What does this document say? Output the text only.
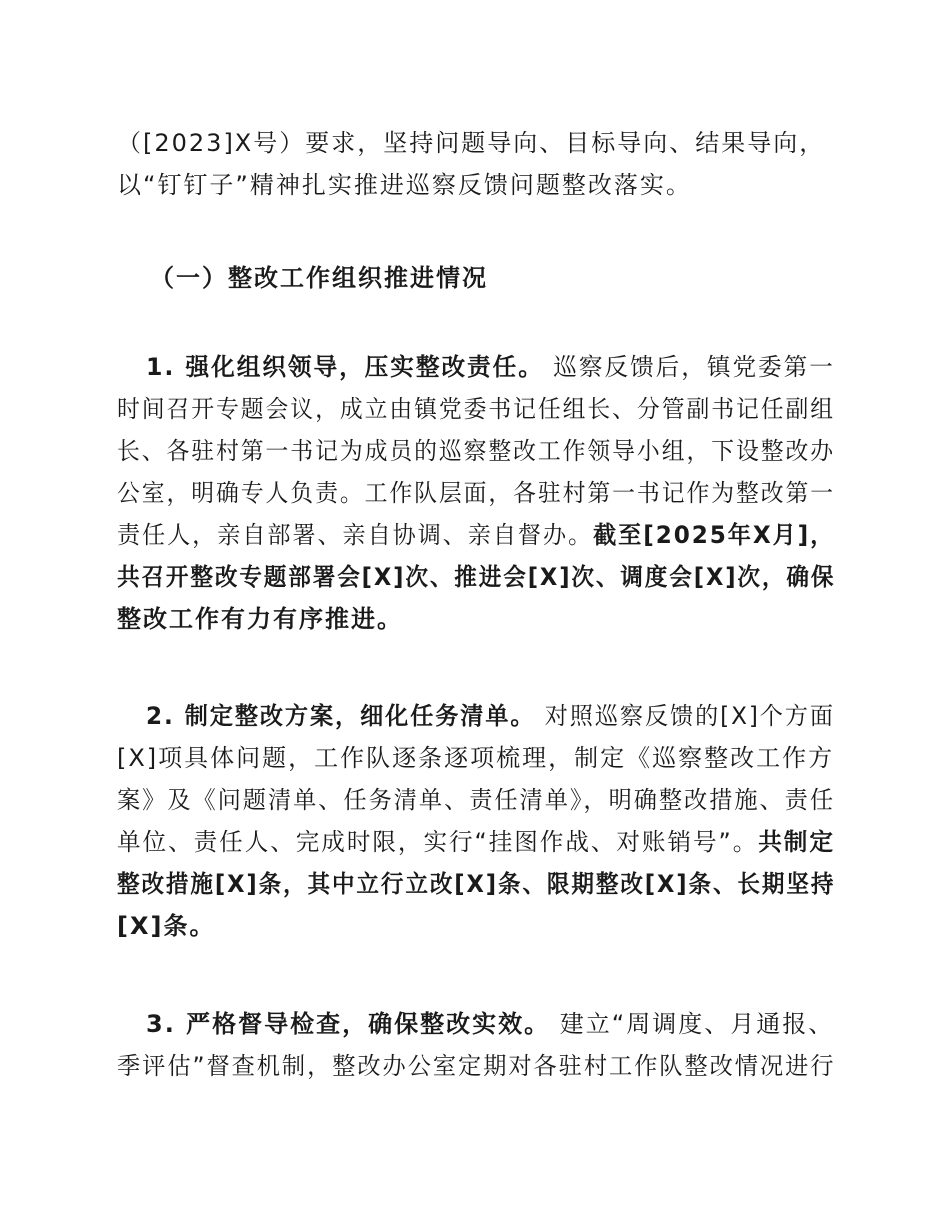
（[2023]X号）要求，坚持问题导向、目标导向、结果导向，
以“钉钉子”精神扎实推进巡察反馈问题整改落实。
（一）整改工作组织推进情况
1. 强化组织领导，压实整改责任。 巡察反馈后，镇党委第一
时间召开专题会议，成立由镇党委书记任组长、分管副书记任副组
长、各驻村第一书记为成员的巡察整改工作领导小组，下设整改办
公室，明确专人负责。工作队层面，各驻村第一书记作为整改第一
责任人，亲自部署、亲自协调、亲自督办。截至[2025年X月]，
共召开整改专题部署会[X]次、推进会[X]次、调度会[X]次，确保
整改工作有力有序推进。
2. 制定整改方案，细化任务清单。 对照巡察反馈的[X]个方面
[X]项具体问题，工作队逐条逐项梳理，制定《巡察整改工作方
案》及《问题清单、任务清单、责任清单》，明确整改措施、责任
单位、责任人、完成时限，实行“挂图作战、对账销号”。共制定
整改措施[X]条，其中立行立改[X]条、限期整改[X]条、长期坚持
[X]条。
3. 严格督导检查，确保整改实效。 建立“周调度、月通报、
季评估”督查机制，整改办公室定期对各驻村工作队整改情况进行
